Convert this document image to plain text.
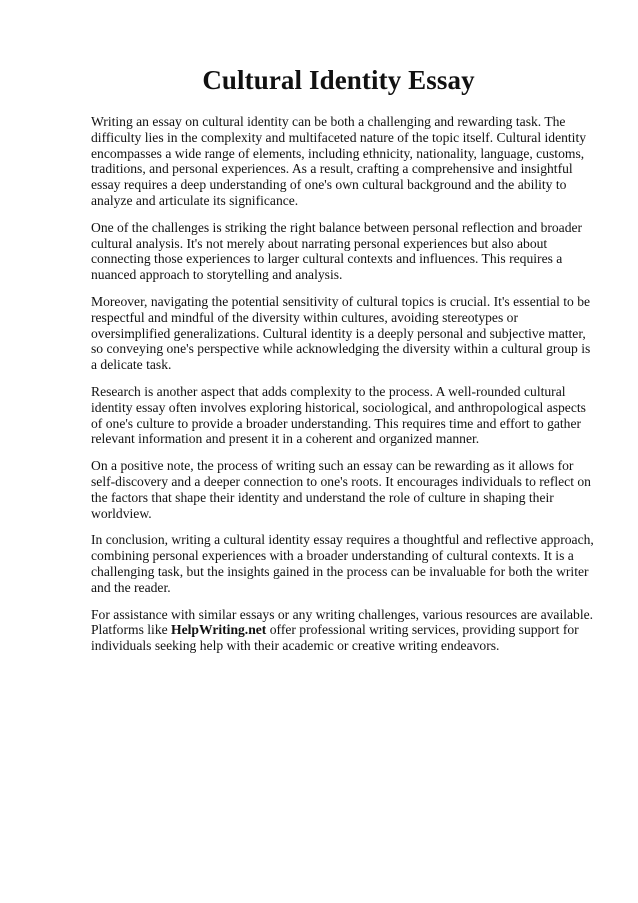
Cultural Identity Essay

Writing an essay on cultural identity can be both a challenging and rewarding task. The difficulty lies in the complexity and multifaceted nature of the topic itself. Cultural identity encompasses a wide range of elements, including ethnicity, nationality, language, customs, traditions, and personal experiences. As a result, crafting a comprehensive and insightful essay requires a deep understanding of one's own cultural background and the ability to analyze and articulate its significance.

One of the challenges is striking the right balance between personal reflection and broader cultural analysis. It's not merely about narrating personal experiences but also about connecting those experiences to larger cultural contexts and influences. This requires a nuanced approach to storytelling and analysis.

Moreover, navigating the potential sensitivity of cultural topics is crucial. It's essential to be respectful and mindful of the diversity within cultures, avoiding stereotypes or oversimplified generalizations. Cultural identity is a deeply personal and subjective matter, so conveying one's perspective while acknowledging the diversity within a cultural group is a delicate task.

Research is another aspect that adds complexity to the process. A well-rounded cultural identity essay often involves exploring historical, sociological, and anthropological aspects of one's culture to provide a broader understanding. This requires time and effort to gather relevant information and present it in a coherent and organized manner.

On a positive note, the process of writing such an essay can be rewarding as it allows for self-discovery and a deeper connection to one's roots. It encourages individuals to reflect on the factors that shape their identity and understand the role of culture in shaping their worldview.

In conclusion, writing a cultural identity essay requires a thoughtful and reflective approach, combining personal experiences with a broader understanding of cultural contexts. It is a challenging task, but the insights gained in the process can be invaluable for both the writer and the reader.

For assistance with similar essays or any writing challenges, various resources are available. Platforms like HelpWriting.net offer professional writing services, providing support for individuals seeking help with their academic or creative writing endeavors.
